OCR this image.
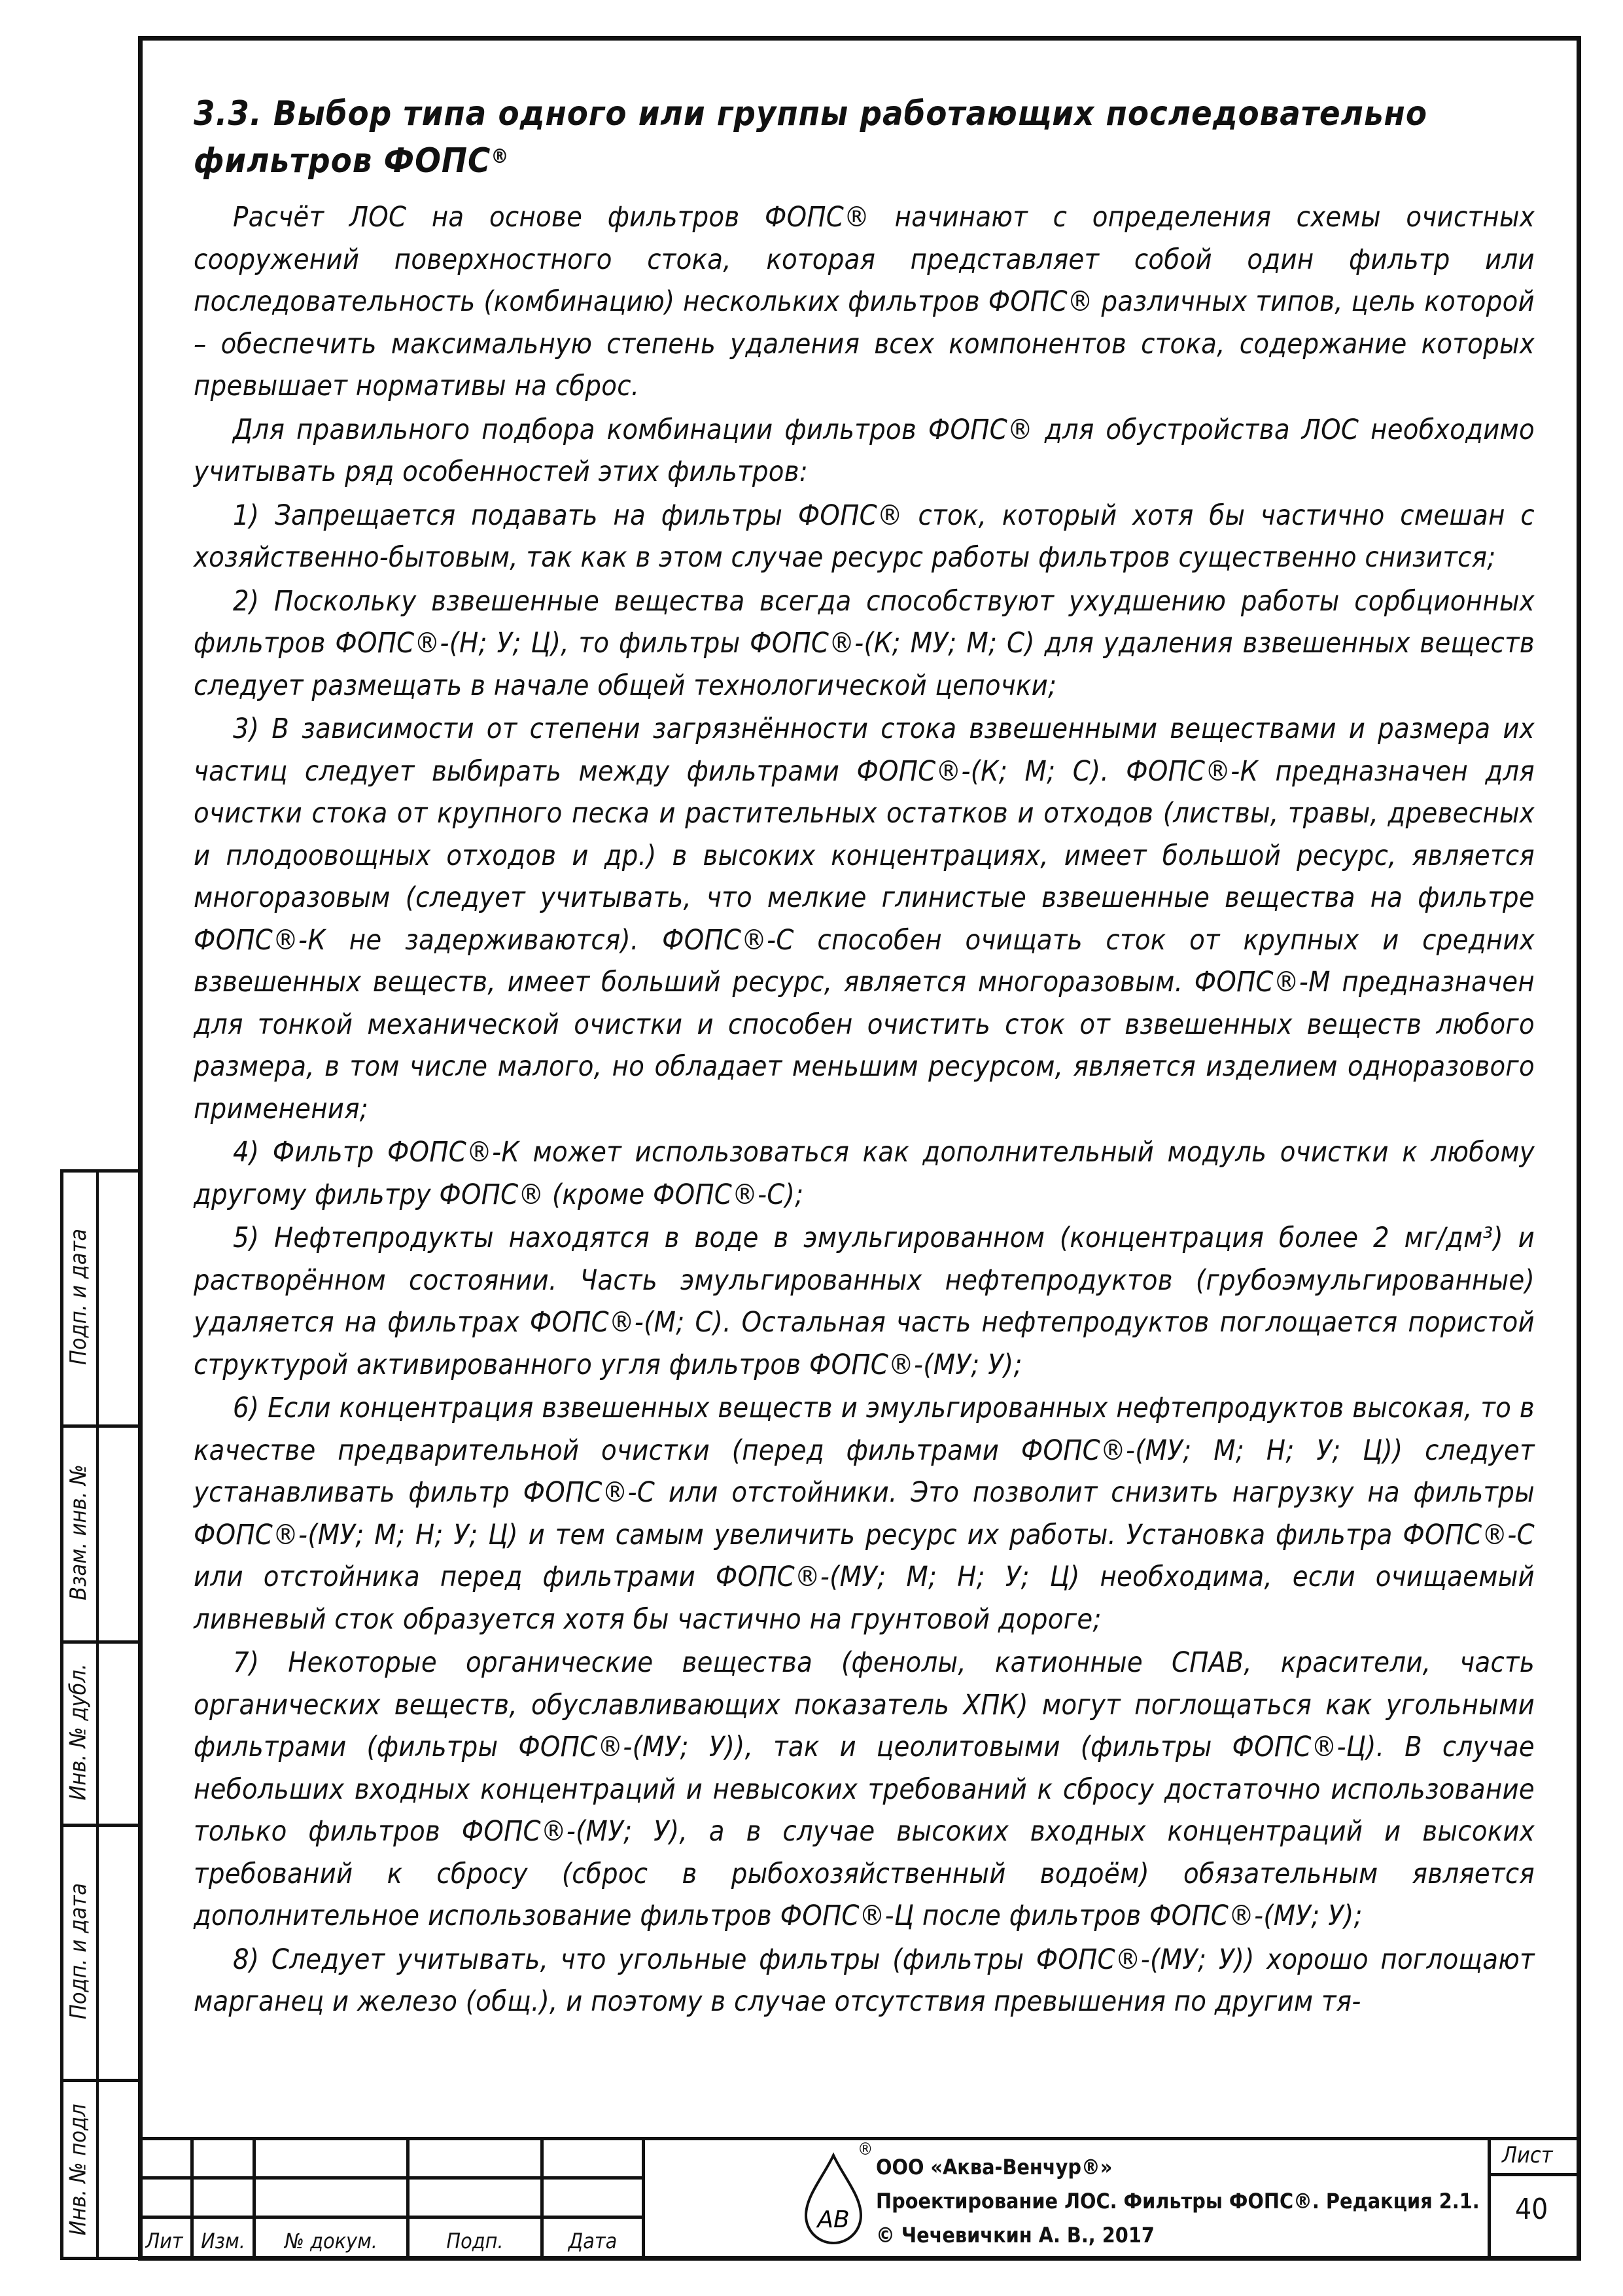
3.3. Выбор типа одного или группы работающих последовательно фильтров ФОПС®

Расчёт ЛОС на основе фильтров ФОПС® начинают с определения схемы очистных сооружений поверхностного стока, которая представляет собой один фильтр или последовательность (комбинацию) нескольких фильтров ФОПС® различных типов, цель которой – обеспечить максимальную степень удаления всех компонентов стока, содержание которых превышает нормативы на сброс.

Для правильного подбора комбинации фильтров ФОПС® для обустройства ЛОС необходимо учитывать ряд особенностей этих фильтров:

1) Запрещается подавать на фильтры ФОПС® сток, который хотя бы частично смешан с хозяйственно-бытовым, так как в этом случае ресурс работы фильтров существенно снизится;

2) Поскольку взвешенные вещества всегда способствуют ухудшению работы сорбционных фильтров ФОПС®-(Н; У; Ц), то фильтры ФОПС®-(К; МУ; М; С) для удаления взвешенных веществ следует размещать в начале общей технологической цепочки;

3) В зависимости от степени загрязнённости стока взвешенными веществами и размера их частиц следует выбирать между фильтрами ФОПС®-(К; М; С). ФОПС®-К предназначен для очистки стока от крупного песка и растительных остатков и отходов (листвы, травы, древесных и плодоовощных отходов и др.) в высоких концентрациях, имеет большой ресурс, является многоразовым (следует учитывать, что мелкие глинистые взвешенные вещества на фильтре ФОПС®-К не задерживаются). ФОПС®-С способен очищать сток от крупных и средних взвешенных веществ, имеет больший ресурс, является многоразовым. ФОПС®-М предназначен для тонкой механической очистки и способен очистить сток от взвешенных веществ любого размера, в том числе малого, но обладает меньшим ресурсом, является изделием одноразового применения;

4) Фильтр ФОПС®-К может использоваться как дополнительный модуль очистки к любому другому фильтру ФОПС® (кроме ФОПС®-С);

5) Нефтепродукты находятся в воде в эмульгированном (концентрация более 2 мг/дм³) и растворённом состоянии. Часть эмульгированных нефтепродуктов (грубоэмульгированные) удаляется на фильтрах ФОПС®-(М; С). Остальная часть нефтепродуктов поглощается пористой структурой активированного угля фильтров ФОПС®-(МУ; У);

6) Если концентрация взвешенных веществ и эмульгированных нефтепродуктов высокая, то в качестве предварительной очистки (перед фильтрами ФОПС®-(МУ; М; Н; У; Ц)) следует устанавливать фильтр ФОПС®-С или отстойники. Это позволит снизить нагрузку на фильтры ФОПС®-(МУ; М; Н; У; Ц) и тем самым увеличить ресурс их работы. Установка фильтра ФОПС®-С или отстойника перед фильтрами ФОПС®-(МУ; М; Н; У; Ц) необходима, если очищаемый ливневый сток образуется хотя бы частично на грунтовой дороге;

7) Некоторые органические вещества (фенолы, катионные СПАВ, красители, часть органических веществ, обуславливающих показатель ХПК) могут поглощаться как угольными фильтрами (фильтры ФОПС®-(МУ; У)), так и цеолитовыми (фильтры ФОПС®-Ц). В случае небольших входных концентраций и невысоких требований к сбросу достаточно использование только фильтров ФОПС®-(МУ; У), а в случае высоких входных концентраций и высоких требований к сбросу (сброс в рыбохозяйственный водоём) обязательным является дополнительное использование фильтров ФОПС®-Ц после фильтров ФОПС®-(МУ; У);

8) Следует учитывать, что угольные фильтры (фильтры ФОПС®-(МУ; У)) хорошо поглощают марганец и железо (общ.), и поэтому в случае отсутствия превышения по другим тя-

Инв. № подл
Подп. и дата
Инв. № дубл.
Взам. инв. №
Подп. и дата
Лит Изм.	№ докум.	Подп.	Дата
АВ
®
ООО «Аква-Венчур®»
Проектирование ЛОС. Фильтры ФОПС®. Редакция 2.1.
© Чечевичкин А. В., 2017
Лист
40
